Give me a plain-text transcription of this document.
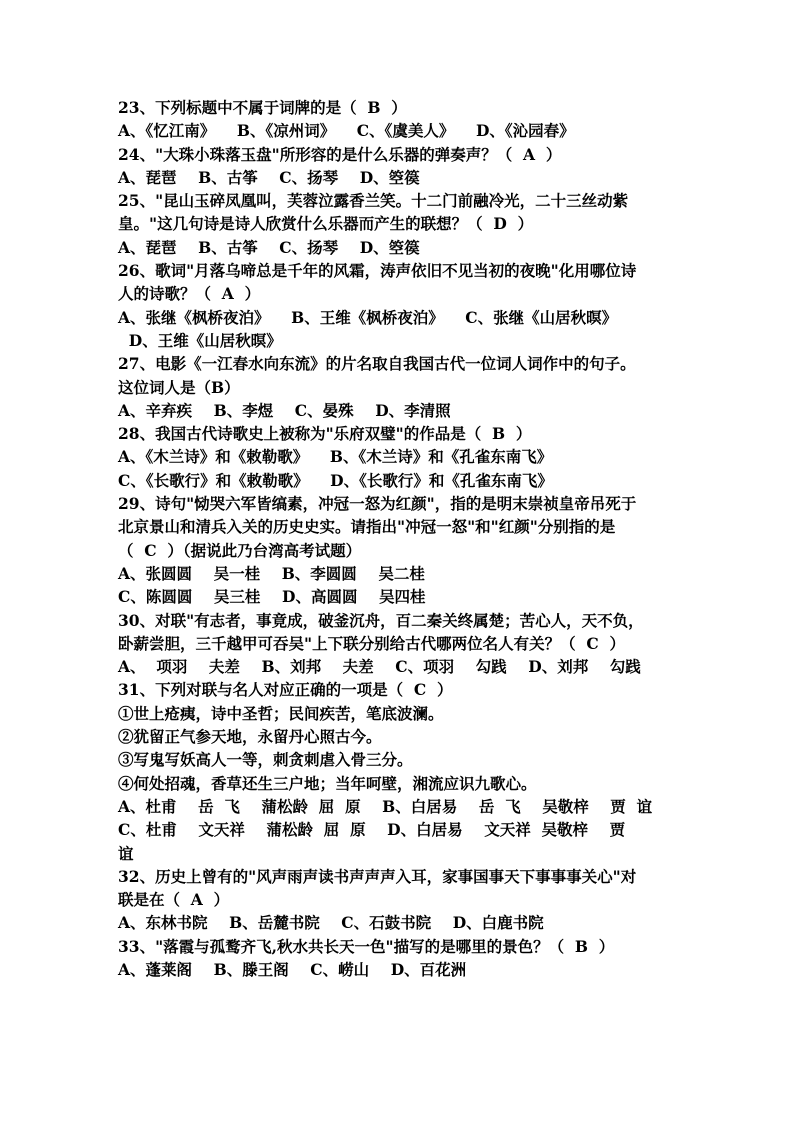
23、下列标题中不属于词牌的是（  B  ）
A、《忆江南》    B、《凉州词》    C、《虞美人》    D、《沁园春》
24、"大珠小珠落玉盘"所形容的是什么乐器的弹奏声？（  A  ）
A、琵琶    B、古筝    C、扬琴    D、箜篌
25、"昆山玉碎凤凰叫，芙蓉泣露香兰笑。十二门前融冷光，二十三丝动紫
皇。"这几句诗是诗人欣赏什么乐器而产生的联想？（  D  ）
A、琵琶    B、古筝    C、扬琴    D、箜篌
26、歌词"月落乌啼总是千年的风霜，涛声依旧不见当初的夜晚"化用哪位诗
人的诗歌？（  A  ）
A、张继《枫桥夜泊》    B、王维《枫桥夜泊》    C、张继《山居秋暝》
D、王维《山居秋暝》
27、电影《一江春水向东流》的片名取自我国古代一位词人词作中的句子。
这位词人是（B）
A、辛弃疾    B、李煜    C、晏殊    D、李清照
28、我国古代诗歌史上被称为"乐府双璧"的作品是（  B  ）
A、《木兰诗》和《敕勒歌》    B、《木兰诗》和《孔雀东南飞》
C、《长歌行》和《敕勒歌》    D、《长歌行》和《孔雀东南飞》
29、诗句"恸哭六军皆缟素，冲冠一怒为红颜"，指的是明末崇祯皇帝吊死于
北京景山和清兵入关的历史史实。请指出"冲冠一怒"和"红颜"分别指的是
（  C  ）（据说此乃台湾高考试题）
A、张圆圆    吴一桂    B、李圆圆    吴二桂
C、陈圆圆    吴三桂    D、高圆圆    吴四桂
30、对联"有志者，事竟成，破釜沉舟，百二秦关终属楚；苦心人，天不负，
卧薪尝胆，三千越甲可吞吴"上下联分别给古代哪两位名人有关？（  C  ）
A、  项羽    夫差    B、刘邦    夫差    C、项羽    勾践    D、刘邦    勾践
31、下列对联与名人对应正确的一项是（  C  ）
①世上疮痍，诗中圣哲；民间疾苦，笔底波澜。
②犹留正气参天地，永留丹心照古今。
③写鬼写妖高人一等，刺贪刺虐入骨三分。
④何处招魂，香草还生三户地；当年呵壁，湘流应识九歌心。
A、杜甫    岳  飞    蒲松龄  屈  原    B、白居易    岳  飞    吴敬梓    贾  谊
C、杜甫    文天祥    蒲松龄  屈  原    D、白居易    文天祥  吴敬梓    贾
谊
32、历史上曾有的"风声雨声读书声声声入耳，家事国事天下事事事关心"对
联是在（  A  ）
A、东林书院    B、岳麓书院    C、石鼓书院    D、白鹿书院
33、"落霞与孤鹜齐飞,秋水共长天一色"描写的是哪里的景色？（  B  ）
A、蓬莱阁    B、滕王阁    C、崂山    D、百花洲
